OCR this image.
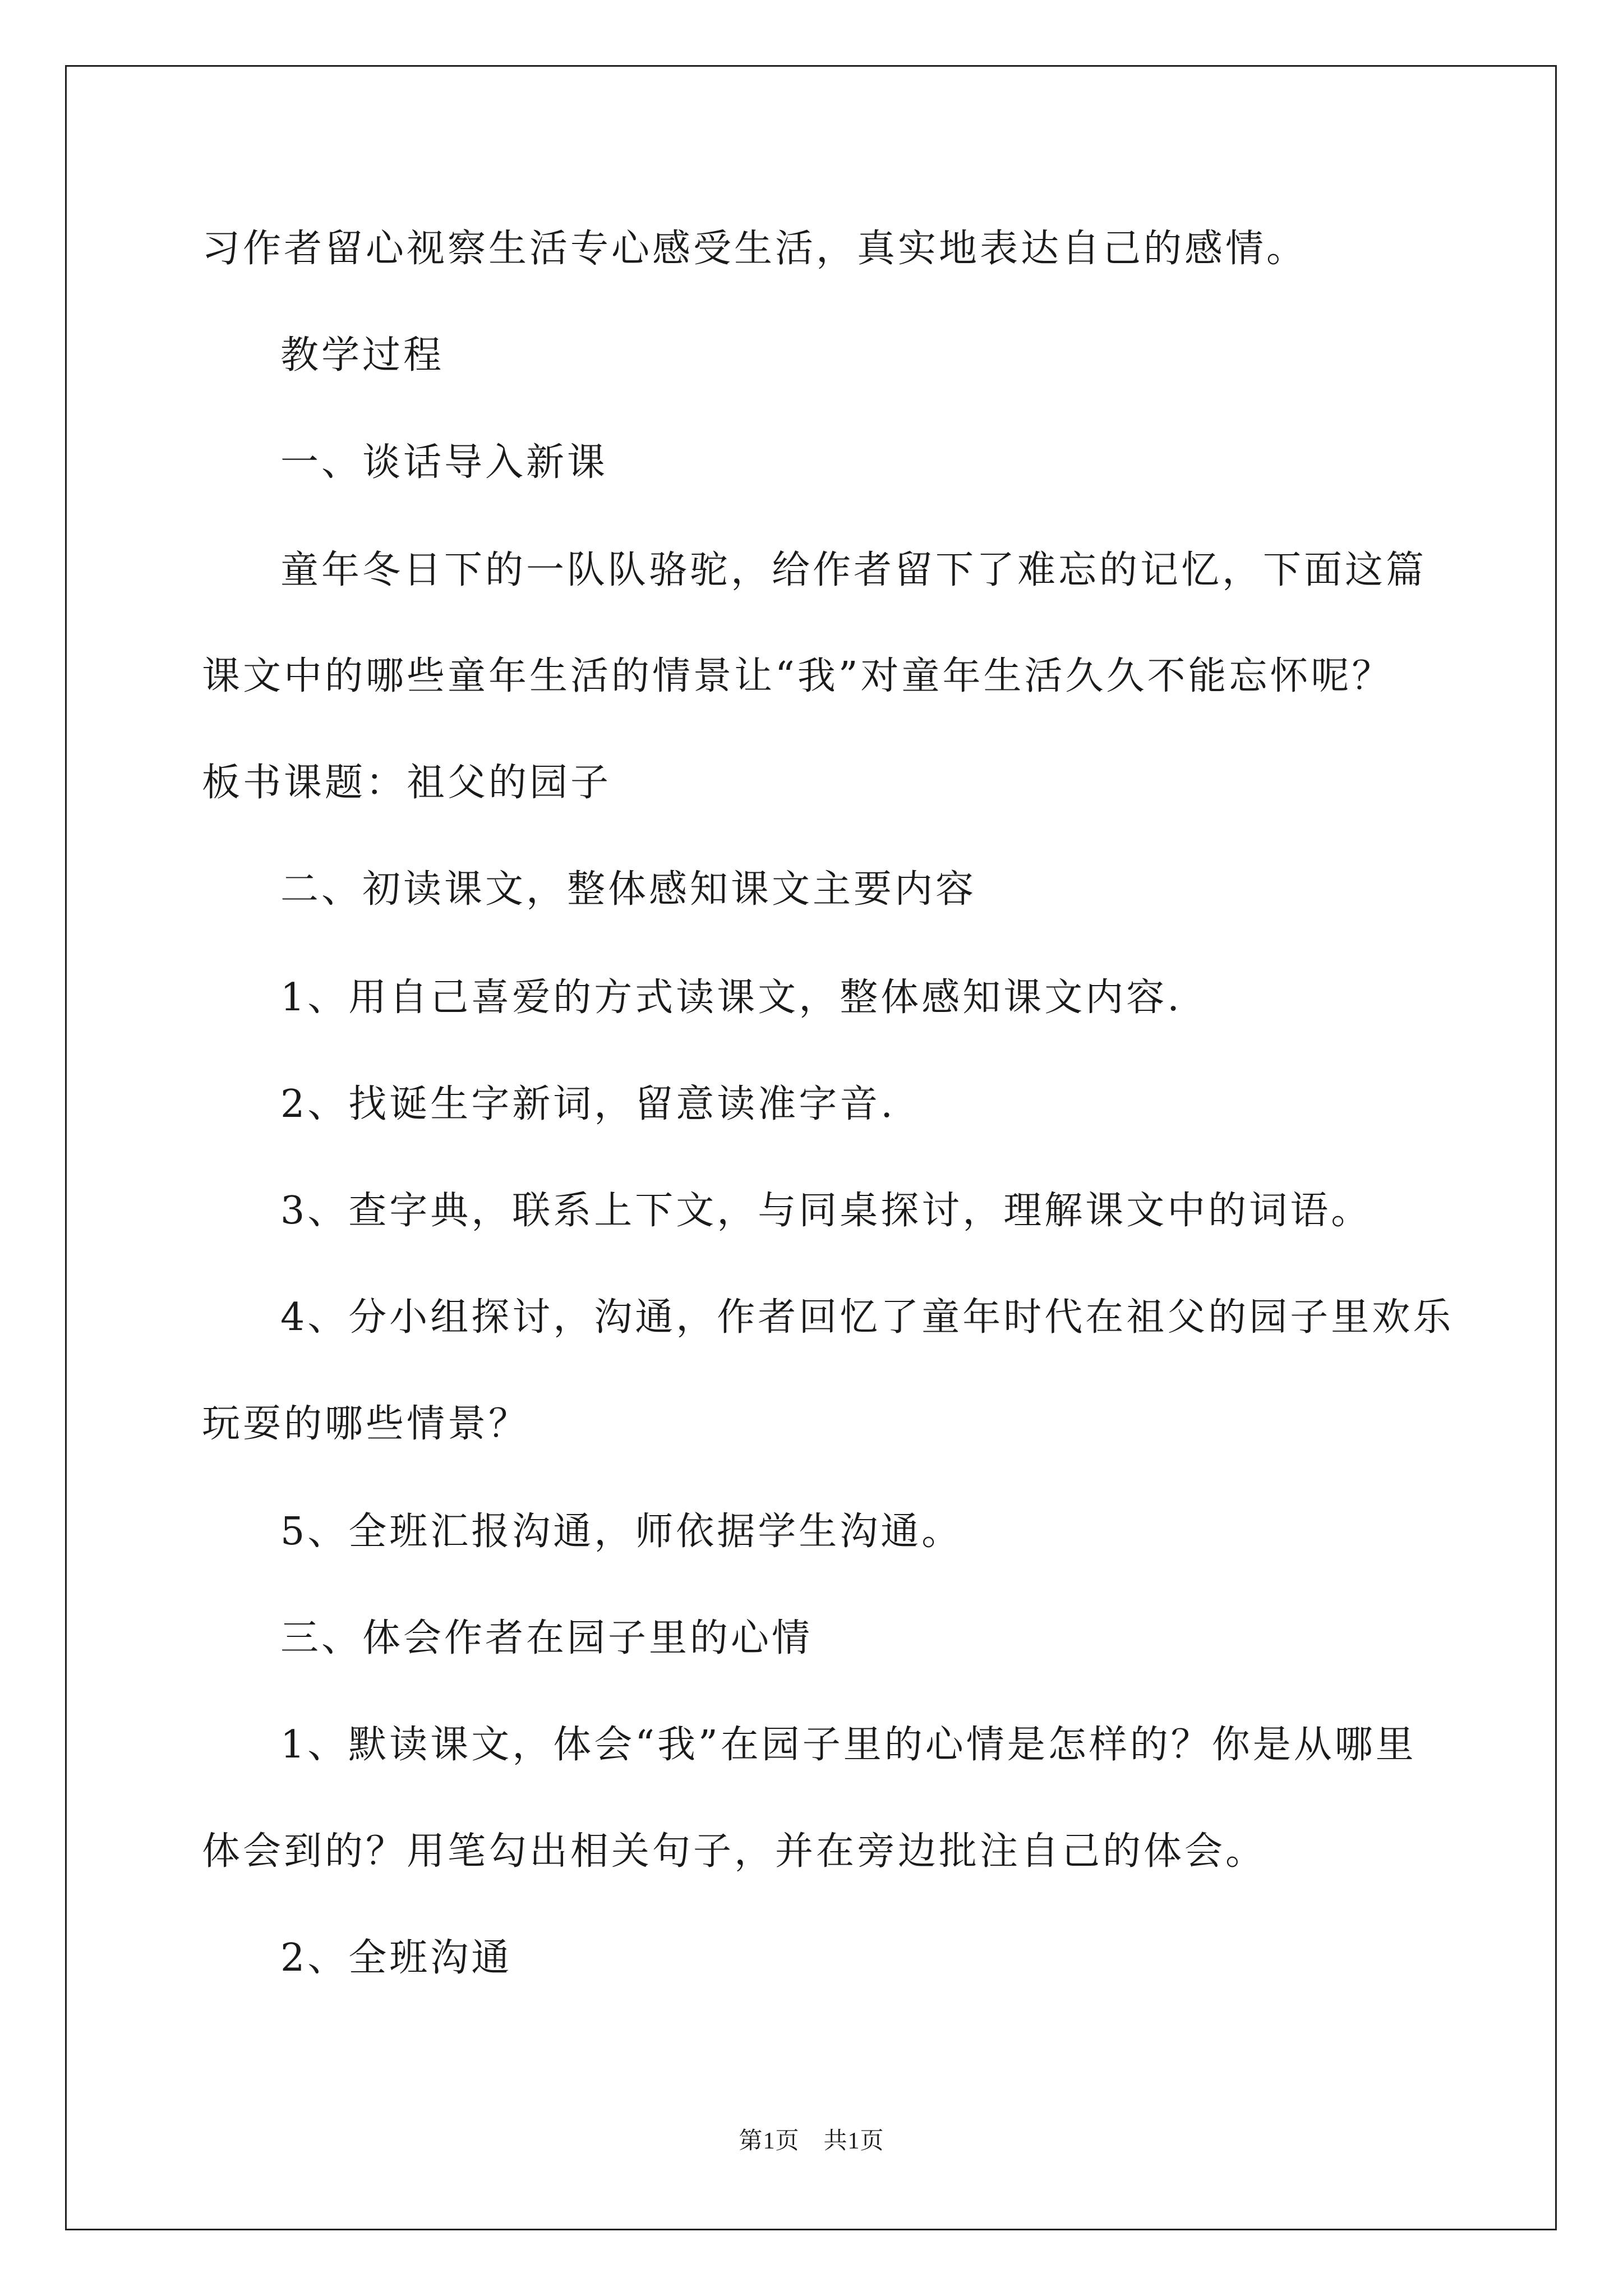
习作者留心视察生活专心感受生活，真实地表达自己的感情。
教学过程
一、谈话导入新课
童年冬日下的一队队骆驼，给作者留下了难忘的记忆，下面这篇
课文中的哪些童年生活的情景让“我”对童年生活久久不能忘怀呢？
板书课题：祖父的园子
二、初读课文，整体感知课文主要内容
1、用自己喜爱的方式读课文，整体感知课文内容.
2、找诞生字新词，留意读准字音.
3、查字典，联系上下文，与同桌探讨，理解课文中的词语。
4、分小组探讨，沟通，作者回忆了童年时代在祖父的园子里欢乐
玩耍的哪些情景？
5、全班汇报沟通，师依据学生沟通。
三、体会作者在园子里的心情
1、默读课文，体会“我”在园子里的心情是怎样的？你是从哪里
体会到的？用笔勾出相关句子，并在旁边批注自己的体会。
2、全班沟通
第1页　共1页
